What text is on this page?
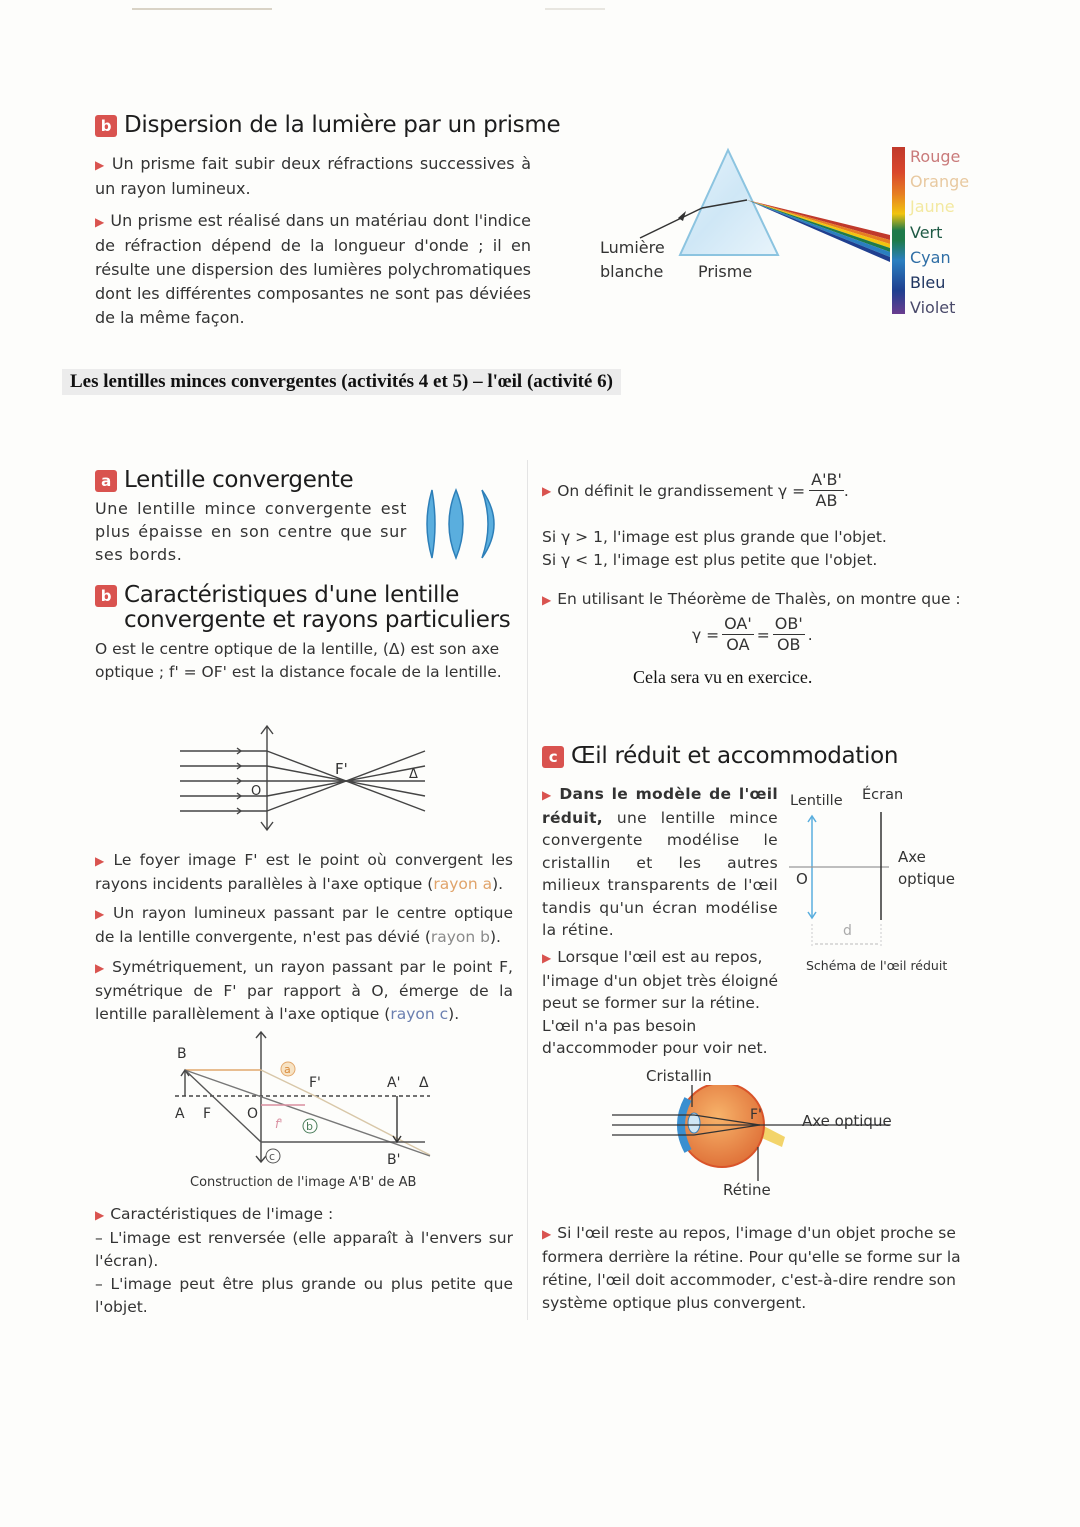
b Dispersion de la lumière par un prisme
▶ Un prisme fait subir deux réfractions successives à un rayon lumineux.
▶ Un prisme est réalisé dans un matériau dont l'indice de réfraction dépend de la longueur d'onde ; il en résulte une dispersion des lumières polychromatiques dont les différentes composantes ne sont pas déviées de la même façon.
Lumière
blanche Prisme
Rouge
Orange
Jaune
Vert
Cyan
Bleu
Violet
Les lentilles minces convergentes (activités 4 et 5) – l'œil (activité 6)
a Lentille convergente
Une lentille mince convergente est plus épaisse en son centre que sur ses bords.
b Caractéristiques d'une lentille
convergente et rayons particuliers
O est le centre optique de la lentille, (Δ) est son axe optique ; f' = OF' est la distance focale de la lentille.
F'
O
Δ
▶ Le foyer image F' est le point où convergent les rayons incidents parallèles à l'axe optique (rayon a).
▶ Un rayon lumineux passant par le centre optique de la lentille convergente, n'est pas dévié (rayon b).
▶ Symétriquement, un rayon passant par le point F, symétrique de F' par rapport à O, émerge de la lentille parallèlement à l'axe optique (rayon c).
B
A F	O
F'	A' Δ
B'
a
b
c
f'
Construction de l'image A'B' de AB
▶ Caractéristiques de l'image :
– L'image est renversée (elle apparaît à l'envers sur l'écran).
– L'image peut être plus grande ou plus petite que l'objet.
▶ On définit le grandissement $\gamma = \frac{A'B'}{AB}$ .
Si γ > 1, l'image est plus grande que l'objet.
Si γ < 1, l'image est plus petite que l'objet.
▶ En utilisant le Théorème de Thalès, on montre que :
$\gamma = \frac{OA'}{OA} = \frac{OB'}{OB}$ .
Cela sera vu en exercice.
c Œil réduit et accommodation
▶ Dans le modèle de l'œil réduit, une lentille mince convergente modélise le cristallin et les autres milieux transparents de l'œil tandis qu'un écran modélise la rétine.	d
Lentille Écran
Axe
optique
O
Schéma de l'œil réduit
▶ Lorsque l'œil est au repos, l'image d'un objet très éloigné peut se former sur la rétine. L'œil n'a pas besoin d'accommoder pour voir net.
F'
Cristallin
Axe optique
Rétine
▶ Si l'œil reste au repos, l'image d'un objet proche se formera derrière la rétine. Pour qu'elle se forme sur la rétine, l'œil doit accommoder, c'est-à-dire rendre son système optique plus convergent.
